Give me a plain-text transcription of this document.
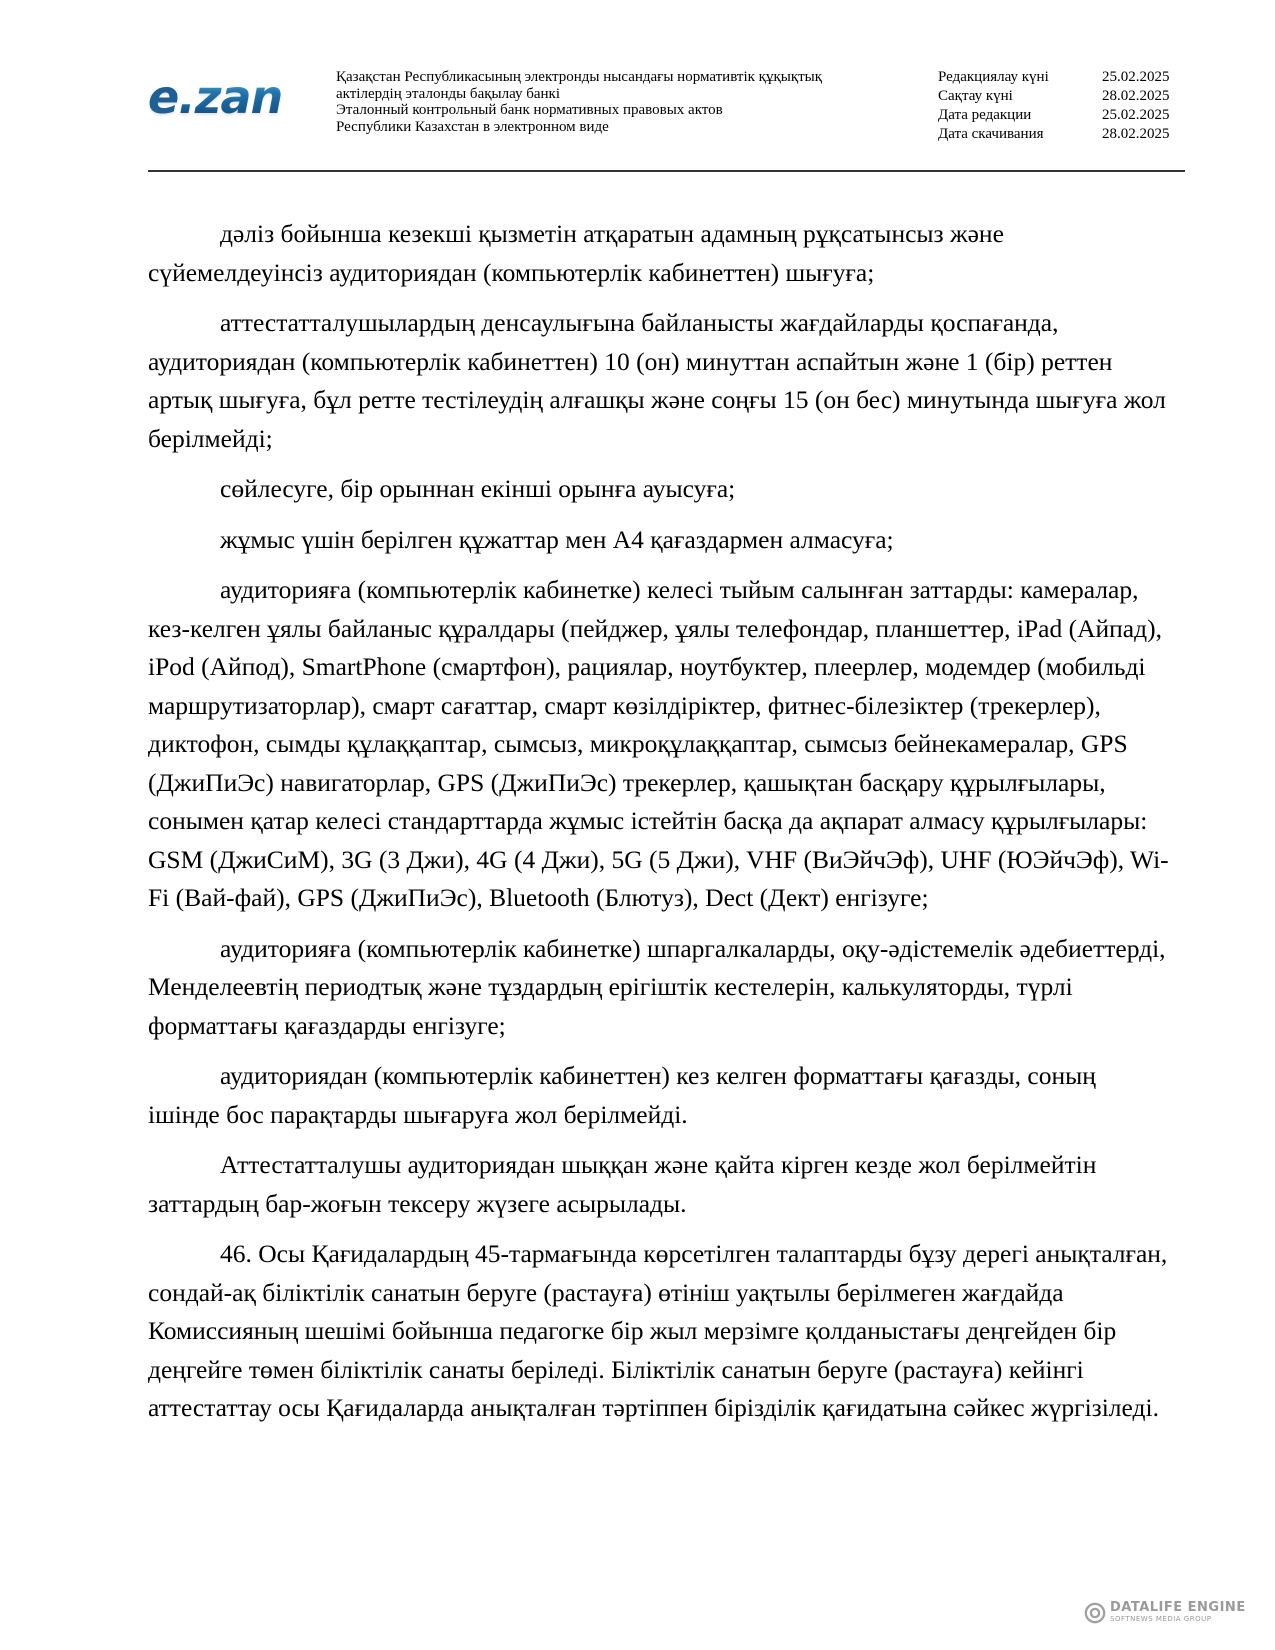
e.zan	Қазақстан Республикасының электронды нысандағы нормативтік құқықтық
актілердің эталонды бақылау банкі
Эталонный контрольный банк нормативных правовых актов
Республики Казахстан в электронном виде
Редакциялау күні	25.02.2025
Сақтау күні	28.02.2025
Дата редакции	25.02.2025
Дата скачивания	28.02.2025

дәліз бойынша кезекші қызметін атқаратын адамның рұқсатынсыз және сүйемелдеуінсіз аудиториядан (компьютерлік кабинеттен) шығуға;

аттестатталушылардың денсаулығына байланысты жағдайларды қоспағанда, аудиториядан (компьютерлік кабинеттен) 10 (он) минуттан аспайтын және 1 (бір) реттен артық шығуға, бұл ретте тестілеудің алғашқы және соңғы 15 (он бес) минутында шығуға жол берілмейді;

сөйлесуге, бір орыннан екінші орынға ауысуға;

жұмыс үшін берілген құжаттар мен А4 қағаздармен алмасуға;

аудиторияға (компьютерлік кабинетке) келесі тыйым салынған заттарды: камералар, кез-келген ұялы байланыс құралдары (пейджер, ұялы телефондар, планшеттер, iPad (Айпад), iPod (Айпод), SmartPhone (смартфон), рациялар, ноутбуктер, плеерлер, модемдер (мобильді маршрутизаторлар), смарт сағаттар, смарт көзілдіріктер, фитнес-білезіктер (трекерлер), диктофон, сымды құлаққаптар, сымсыз, микроқұлаққаптар, сымсыз бейнекамералар, GPS (ДжиПиЭс) навигаторлар, GPS (ДжиПиЭс) трекерлер, қашықтан басқару құрылғылары, сонымен қатар келесі стандарттарда жұмыс істейтін басқа да ақпарат алмасу құрылғылары: GSM (ДжиСиМ), 3G (3 Джи), 4G (4 Джи), 5G (5 Джи), VHF (ВиЭйчЭф), UHF (ЮЭйчЭф), Wi-Fi (Вай-фай), GPS (ДжиПиЭс), Bluetooth (Блютуз), Dect (Дект) енгізуге;

аудиторияға (компьютерлік кабинетке) шпаргалкаларды, оқу-әдістемелік әдебиеттерді, Менделеевтің периодтық және тұздардың ерігіштік кестелерін, калькуляторды, түрлі форматтағы қағаздарды енгізуге;

аудиториядан (компьютерлік кабинеттен) кез келген форматтағы қағазды, соның ішінде бос парақтарды шығаруға жол берілмейді.

Аттестатталушы аудиториядан шыққан және қайта кірген кезде жол берілмейтін заттардың бар-жоғын тексеру жүзеге асырылады.

46. Осы Қағидалардың 45-тармағында көрсетілген талаптарды бұзу дерегі анықталған, сондай-ақ біліктілік санатын беруге (растауға) өтініш уақтылы берілмеген жағдайда Комиссияның шешімі бойынша педагогке бір жыл мерзімге қолданыстағы деңгейден бір деңгейге төмен біліктілік санаты беріледі. Біліктілік санатын беруге (растауға) кейінгі аттестаттау осы Қағидаларда анықталған тәртіппен біріздiлiк қағидатына сәйкес жүргізіледі.

DATALIFE ENGINE
SOFTNEWS MEDIA GROUP
